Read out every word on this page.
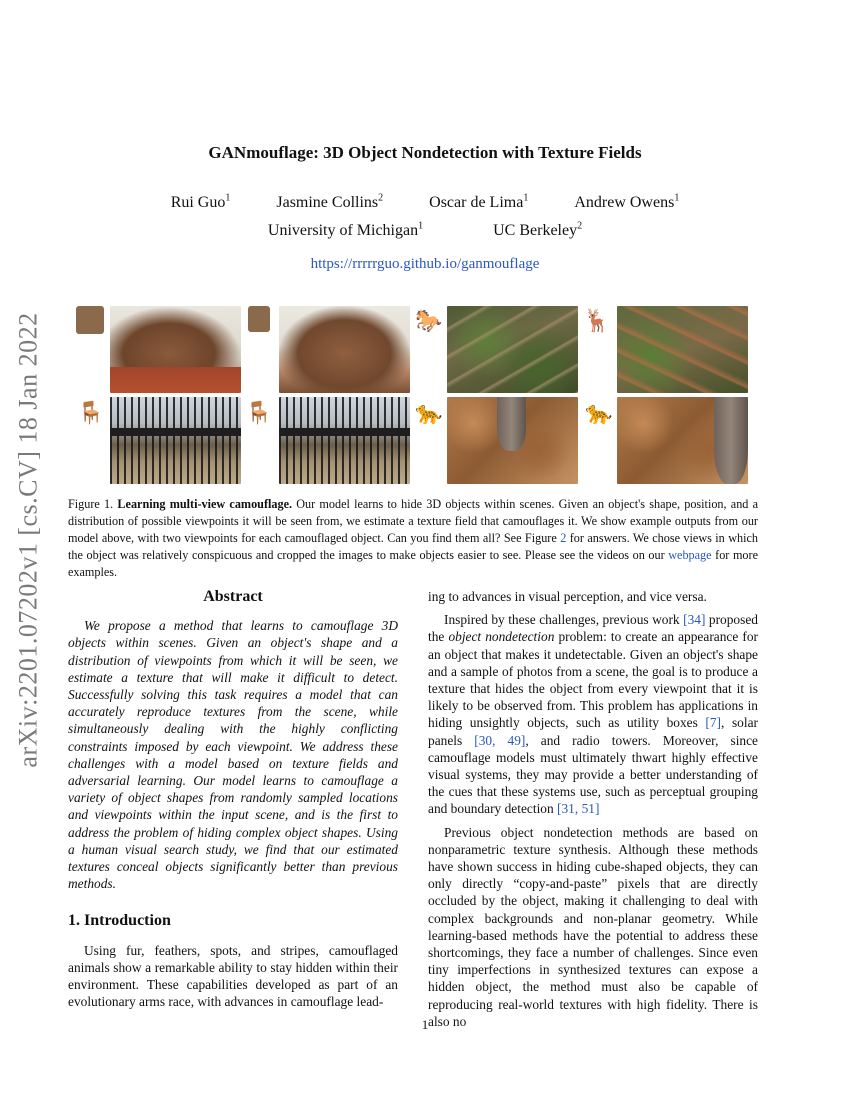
arXiv:2201.07202v1 [cs.CV] 18 Jan 2022
GANmouflage: 3D Object Nondetection with Texture Fields
Rui Guo$^1$	Jasmine Collins$^2$	Oscar de Lima$^1$	Andrew Owens$^1$
University of Michigan$^1$	UC Berkeley$^2$
https://rrrrrguo.github.io/ganmouflage
🐎	🦌
🪑	🪑	🐆	🐆

Figure 1. Learning multi-view camouflage. Our model learns to hide 3D objects within scenes. Given an object's shape, position, and a distribution of possible viewpoints it will be seen from, we estimate a texture field that camouflages it. We show example outputs from our model above, with two viewpoints for each camouflaged object. Can you find them all? See Figure 2 for answers. We chose views in which the object was relatively conspicuous and cropped the images to make objects easier to see. Please see the videos on our webpage for more examples.

Abstract

We propose a method that learns to camouflage 3D objects within scenes. Given an object's shape and a distribution of viewpoints from which it will be seen, we estimate a texture that will make it difficult to detect. Successfully solving this task requires a model that can accurately reproduce textures from the scene, while simultaneously dealing with the highly conflicting constraints imposed by each viewpoint. We address these challenges with a model based on texture fields and adversarial learning. Our model learns to camouflage a variety of object shapes from randomly sampled locations and viewpoints within the input scene, and is the first to address the problem of hiding complex object shapes. Using a human visual search study, we find that our estimated textures conceal objects significantly better than previous methods.

1. Introduction

Using fur, feathers, spots, and stripes, camouflaged animals show a remarkable ability to stay hidden within their environment. These capabilities developed as part of an evolutionary arms race, with advances in camouflage lead-

ing to advances in visual perception, and vice versa.

Inspired by these challenges, previous work [34] proposed the object nondetection problem: to create an appearance for an object that makes it undetectable. Given an object's shape and a sample of photos from a scene, the goal is to produce a texture that hides the object from every viewpoint that it is likely to be observed from. This problem has applications in hiding unsightly objects, such as utility boxes [7], solar panels [30, 49], and radio towers. Moreover, since camouflage models must ultimately thwart highly effective visual systems, they may provide a better understanding of the cues that these systems use, such as perceptual grouping and boundary detection [31, 51]

Previous object nondetection methods are based on nonparametric texture synthesis. Although these methods have shown success in hiding cube-shaped objects, they can only directly “copy-and-paste” pixels that are directly occluded by the object, making it challenging to deal with complex backgrounds and non-planar geometry. While learning-based methods have the potential to address these shortcomings, they face a number of challenges. Since even tiny imperfections in synthesized textures can expose a hidden object, the method must also be capable of reproducing real-world textures with high fidelity. There is also no

1
